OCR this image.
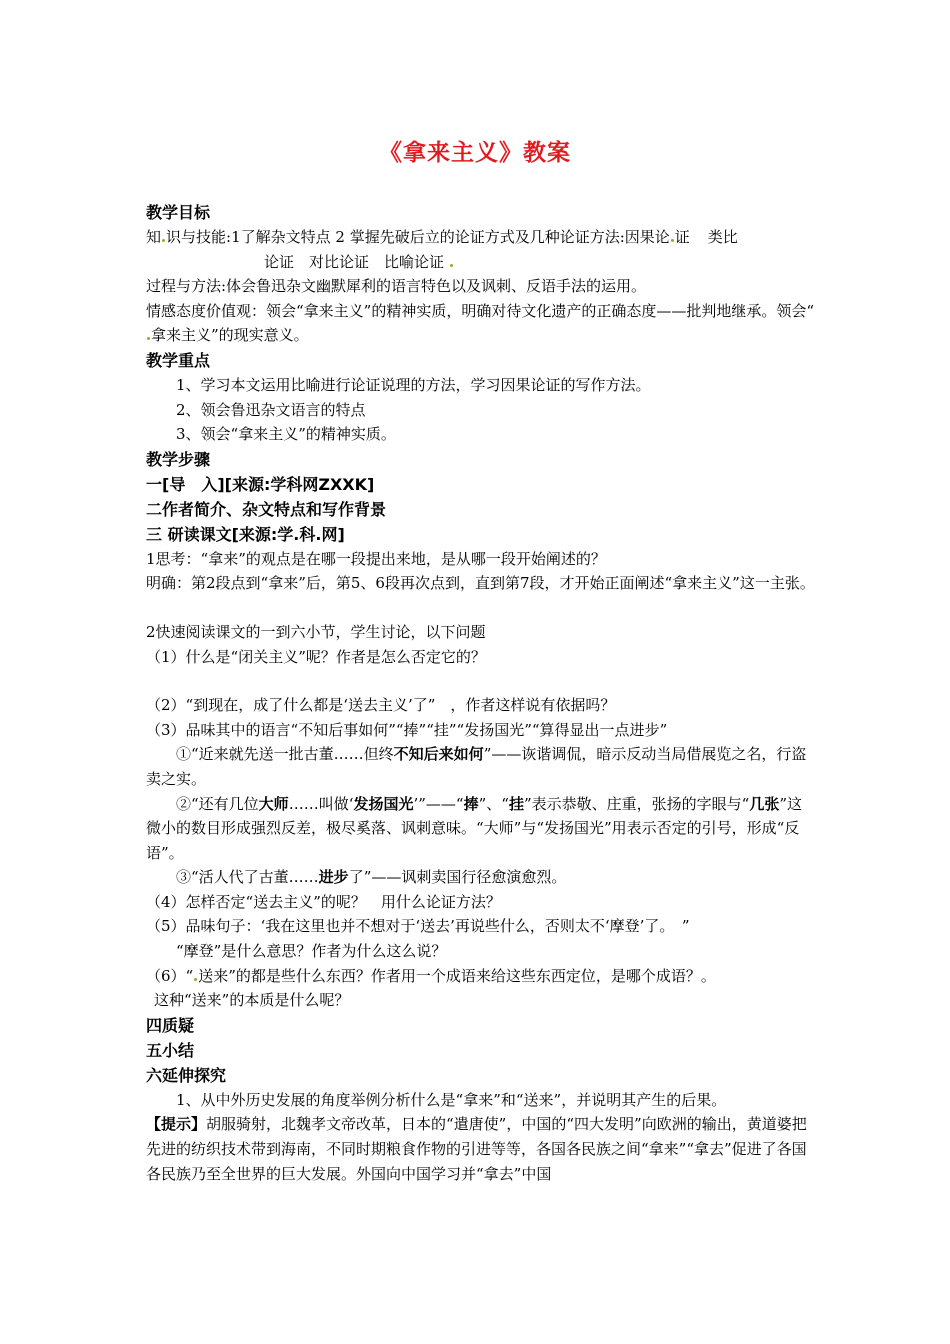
《拿来主义》教案

教学目标

知 识与技能:1了解杂文特点 2 掌握先破后立的论证方式及几种论证方法:因果论 证 类比

论证　对比论证　比喻论证

过程与方法:体会鲁迅杂文幽默犀利的语言特色以及讽刺、反语手法的运用。

情感态度价值观：领会“拿来主义”的精神实质，明确对待文化遗产的正确态度——批判地继承。领会“拿来主义”的现实意义。

教学重点

1、学习本文运用比喻进行论证说理的方法，学习因果论证的写作方法。

2、领会鲁迅杂文语言的特点

3、领会“拿来主义”的精神实质。

教学步骤

一[导　入][来源:学科网ZXXK]

二作者简介、杂文特点和写作背景

三 研读课文[来源:学.科.网]

1思考：“拿来”的观点是在哪一段提出来地，是从哪一段开始阐述的？

明确：第2段点到“拿来”后，第5、6段再次点到，直到第7段，才开始正面阐述“拿来主义”这一主张。

2快速阅读课文的一到六小节，学生讨论，以下问题

（1）什么是“闭关主义”呢？作者是怎么否定它的？

（2）“到现在，成了什么都是‘送去主义’了”　，作者这样说有依据吗？

（3）品味其中的语言“不知后事如何”“捧”“挂”“发扬国光”“算得显出一点进步”

①“近来就先送一批古董……但终不知后来如何”——诙谐调侃，暗示反动当局借展览之名，行盗卖之实。

②“还有几位大师……叫做‘发扬国光’”——“捧”、“挂”表示恭敬、庄重，张扬的字眼与“几张”这微小的数目形成强烈反差，极尽奚落、讽刺意味。“大师”与“发扬国光”用表示否定的引号，形成“反语”。

③“活人代了古董……进步了”——讽刺卖国行径愈演愈烈。

（4）怎样否定“送去主义”的呢？　用什么论证方法？

（5）品味句子：‘我在这里也并不想对于‘送去’再说些什么，否则太不‘摩登’了。　”

“摩登”是什么意思？作者为什么这么说？

（6）“ 送来”的都是些什么东西？作者用一个成语来给这些东西定位，是哪个成语？。

这种“送来”的本质是什么呢？

四质疑

五小结

六延伸探究

1、从中外历史发展的角度举例分析什么是“拿来”和“送来”，并说明其产生的后果。

【提示】胡服骑射，北魏孝文帝改革，日本的“遣唐使”，中国的“四大发明”向欧洲的输出，黄道婆把先进的纺织技术带到海南，不同时期粮食作物的引进等等，各国各民族之间“拿来”“拿去”促进了各国各民族乃至全世界的巨大发展。外国向中国学习并“拿去”中国
